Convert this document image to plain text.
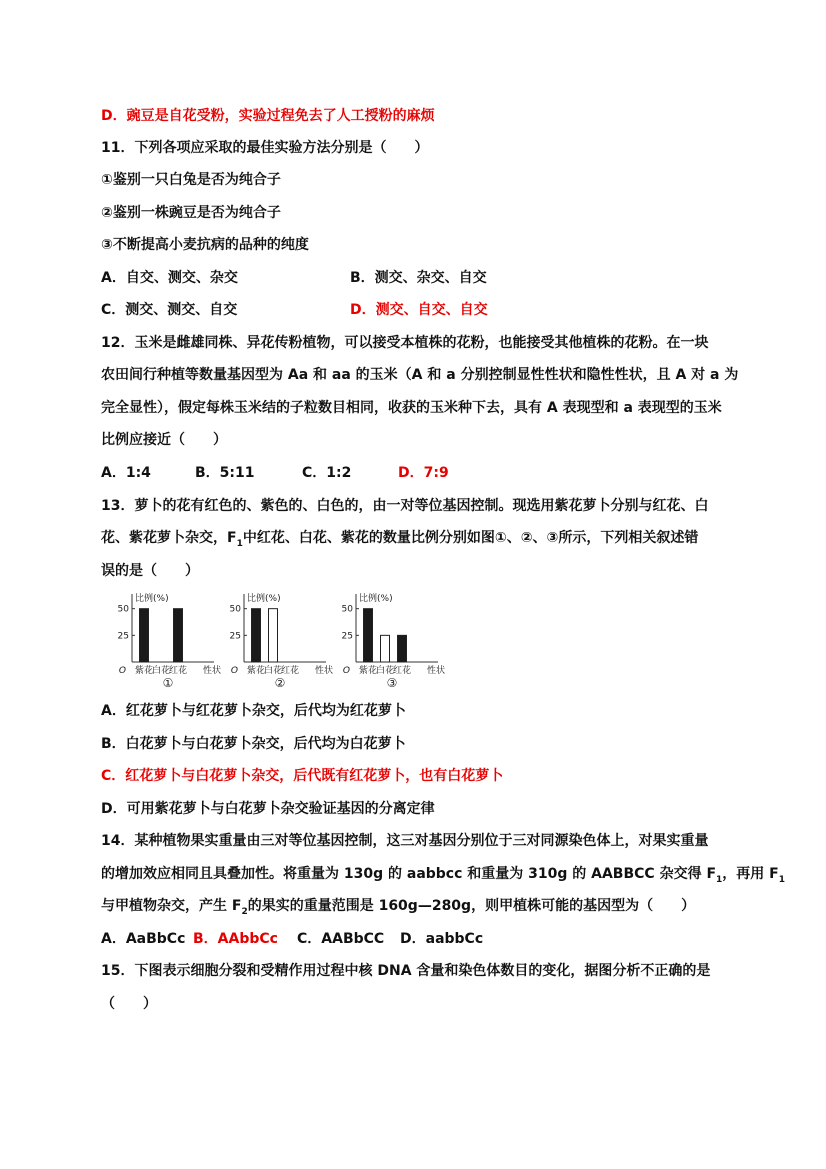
D．豌豆是自花受粉，实验过程免去了人工授粉的麻烦
11．下列各项应采取的最佳实验方法分别是（　　）
①鉴别一只白兔是否为纯合子
②鉴别一株豌豆是否为纯合子
③不断提高小麦抗病的品种的纯度
A．自交、测交、杂交	B．测交、杂交、自交
C．测交、测交、自交	D．测交、自交、自交
12．玉米是雌雄同株、异花传粉植物，可以接受本植株的花粉，也能接受其他植株的花粉。在一块
农田间行种植等数量基因型为 Aa 和 aa 的玉米（A 和 a 分别控制显性性状和隐性性状，且 A 对 a 为
完全显性），假定每株玉米结的子粒数目相同，收获的玉米种下去，具有 A 表现型和 a 表现型的玉米
比例应接近（　　）
A．1:4	B．5:11	C．1:2	D．7:9
13．萝卜的花有红色的、紫色的、白色的，由一对等位基因控制。现选用紫花萝卜分别与红花、白
花、紫花萝卜杂交，$F_1$中红花、白花、紫花的数量比例分别如图①、②、③所示，下列相关叙述错
误的是（　　）
比例(%)
25
50
O 紫花
白花
红花 性状
①
比例(%)
25
50
O 紫花
白花
红花 性状
②
比例(%)
25
50
O 紫花
白花
红花 性状
③
A．红花萝卜与红花萝卜杂交，后代均为红花萝卜
B．白花萝卜与白花萝卜杂交，后代均为白花萝卜
C．红花萝卜与白花萝卜杂交，后代既有红花萝卜，也有白花萝卜
D．可用紫花萝卜与白花萝卜杂交验证基因的分离定律
14．某种植物果实重量由三对等位基因控制，这三对基因分别位于三对同源染色体上，对果实重量
的增加效应相同且具叠加性。将重量为 130g 的 aabbcc 和重量为 310g 的 AABBCC 杂交得 $F_1$，再用 $F_1$
与甲植物杂交，产生 $F_2$的果实的重量范围是 160g—280g，则甲植株可能的基因型为（　　）
A．AaBbCc B．AAbbCc C．AABbCC D．aabbCc
15．下图表示细胞分裂和受精作用过程中核 DNA 含量和染色体数目的变化，据图分析不正确的是
（　　）
